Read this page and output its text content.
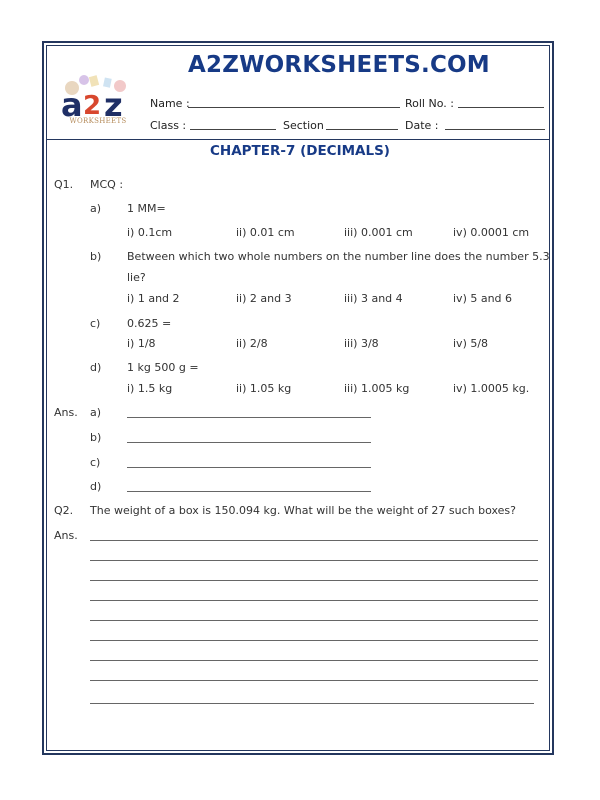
a 2 z
WORKSHEETS
A2ZWORKSHEETS.COM
Name :	Roll No. :
Class :	Section	Date :
CHAPTER-7 (DECIMALS)
Q1. MCQ :
a) 1 MM=
i) 0.1cm	ii) 0.01 cm	iii) 0.001 cm	iv) 0.0001 cm
b) Between which two whole numbers on the number line does the number 5.3
lie?
i) 1 and 2	ii) 2 and 3	iii) 3 and 4	iv) 5 and 6
c) 0.625 =
i) 1/8	ii) 2/8	iii) 3/8	iv) 5/8
d) 1 kg 500 g =
i) 1.5 kg	ii) 1.05 kg	iii) 1.005 kg	iv) 1.0005 kg.
Ans. a)
b)
c)
d)
Q2. The weight of a box is 150.094 kg. What will be the weight of 27 such boxes?
Ans.
